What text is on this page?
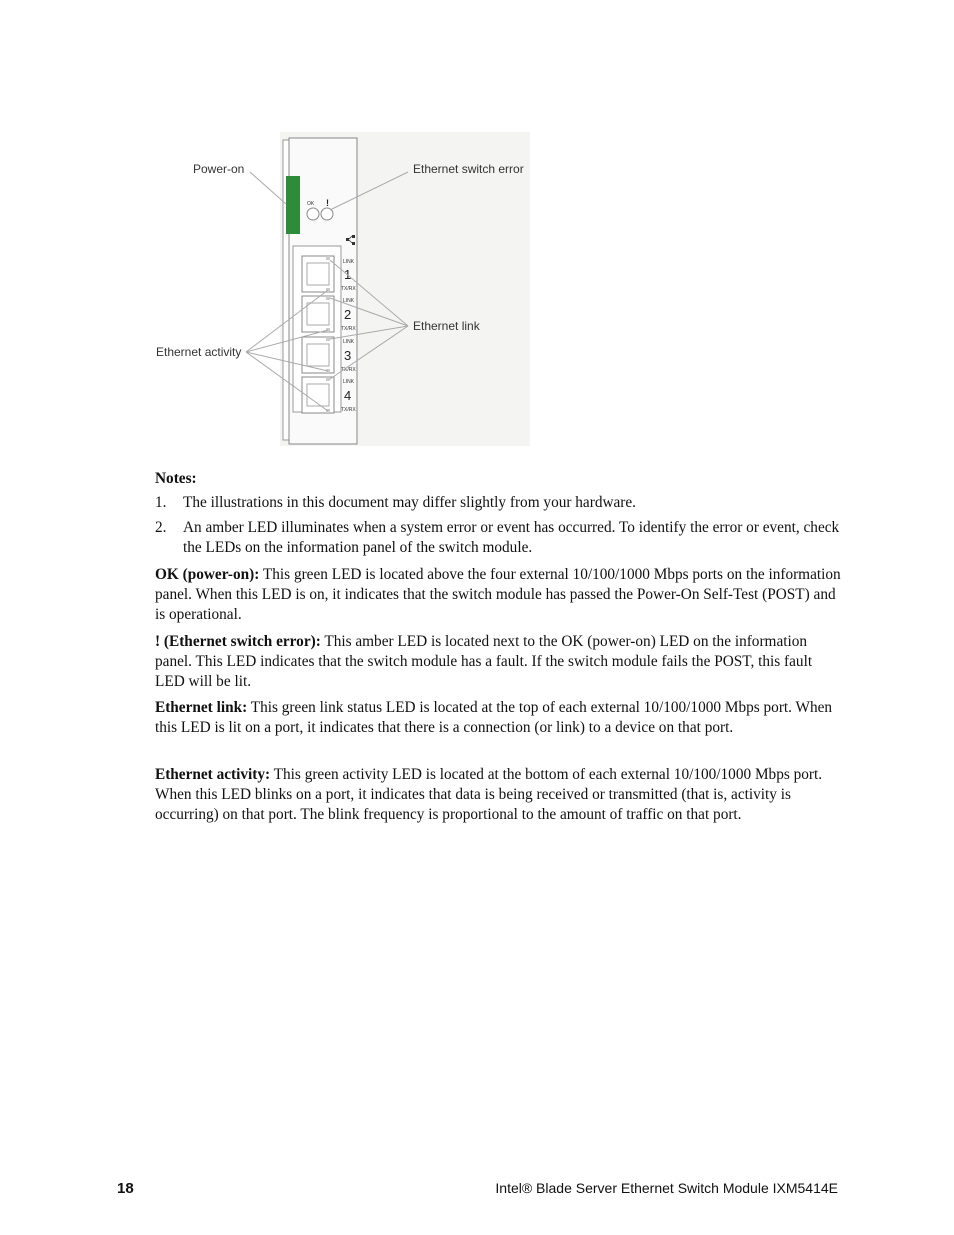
OK !
LINK
1
TX/RX
LINK
2
TX/RX
LINK
3
TX/RX
LINK
4
TX/RX
Power-on	Ethernet switch error
Ethernet link
Ethernet activity
Notes:
1. The illustrations in this document may differ slightly from your hardware.
2. An amber LED illuminates when a system error or event has occurred. To identify the error or event, check the LEDs on the information panel of the switch module.
OK (power-on): This green LED is located above the four external 10/100/1000 Mbps ports on the information panel. When this LED is on, it indicates that the switch module has passed the Power-On Self-Test (POST) and is operational.
! (Ethernet switch error): This amber LED is located next to the OK (power-on) LED on the information panel. This LED indicates that the switch module has a fault. If the switch module fails the POST, this fault LED will be lit.
Ethernet link: This green link status LED is located at the top of each external 10/100/1000 Mbps port. When this LED is lit on a port, it indicates that there is a connection (or link) to a device on that port.
Ethernet activity: This green activity LED is located at the bottom of each external 10/100/1000 Mbps port. When this LED blinks on a port, it indicates that data is being received or transmitted (that is, activity is occurring) on that port. The blink frequency is proportional to the amount of traffic on that port.
18	Intel® Blade Server Ethernet Switch Module IXM5414E
